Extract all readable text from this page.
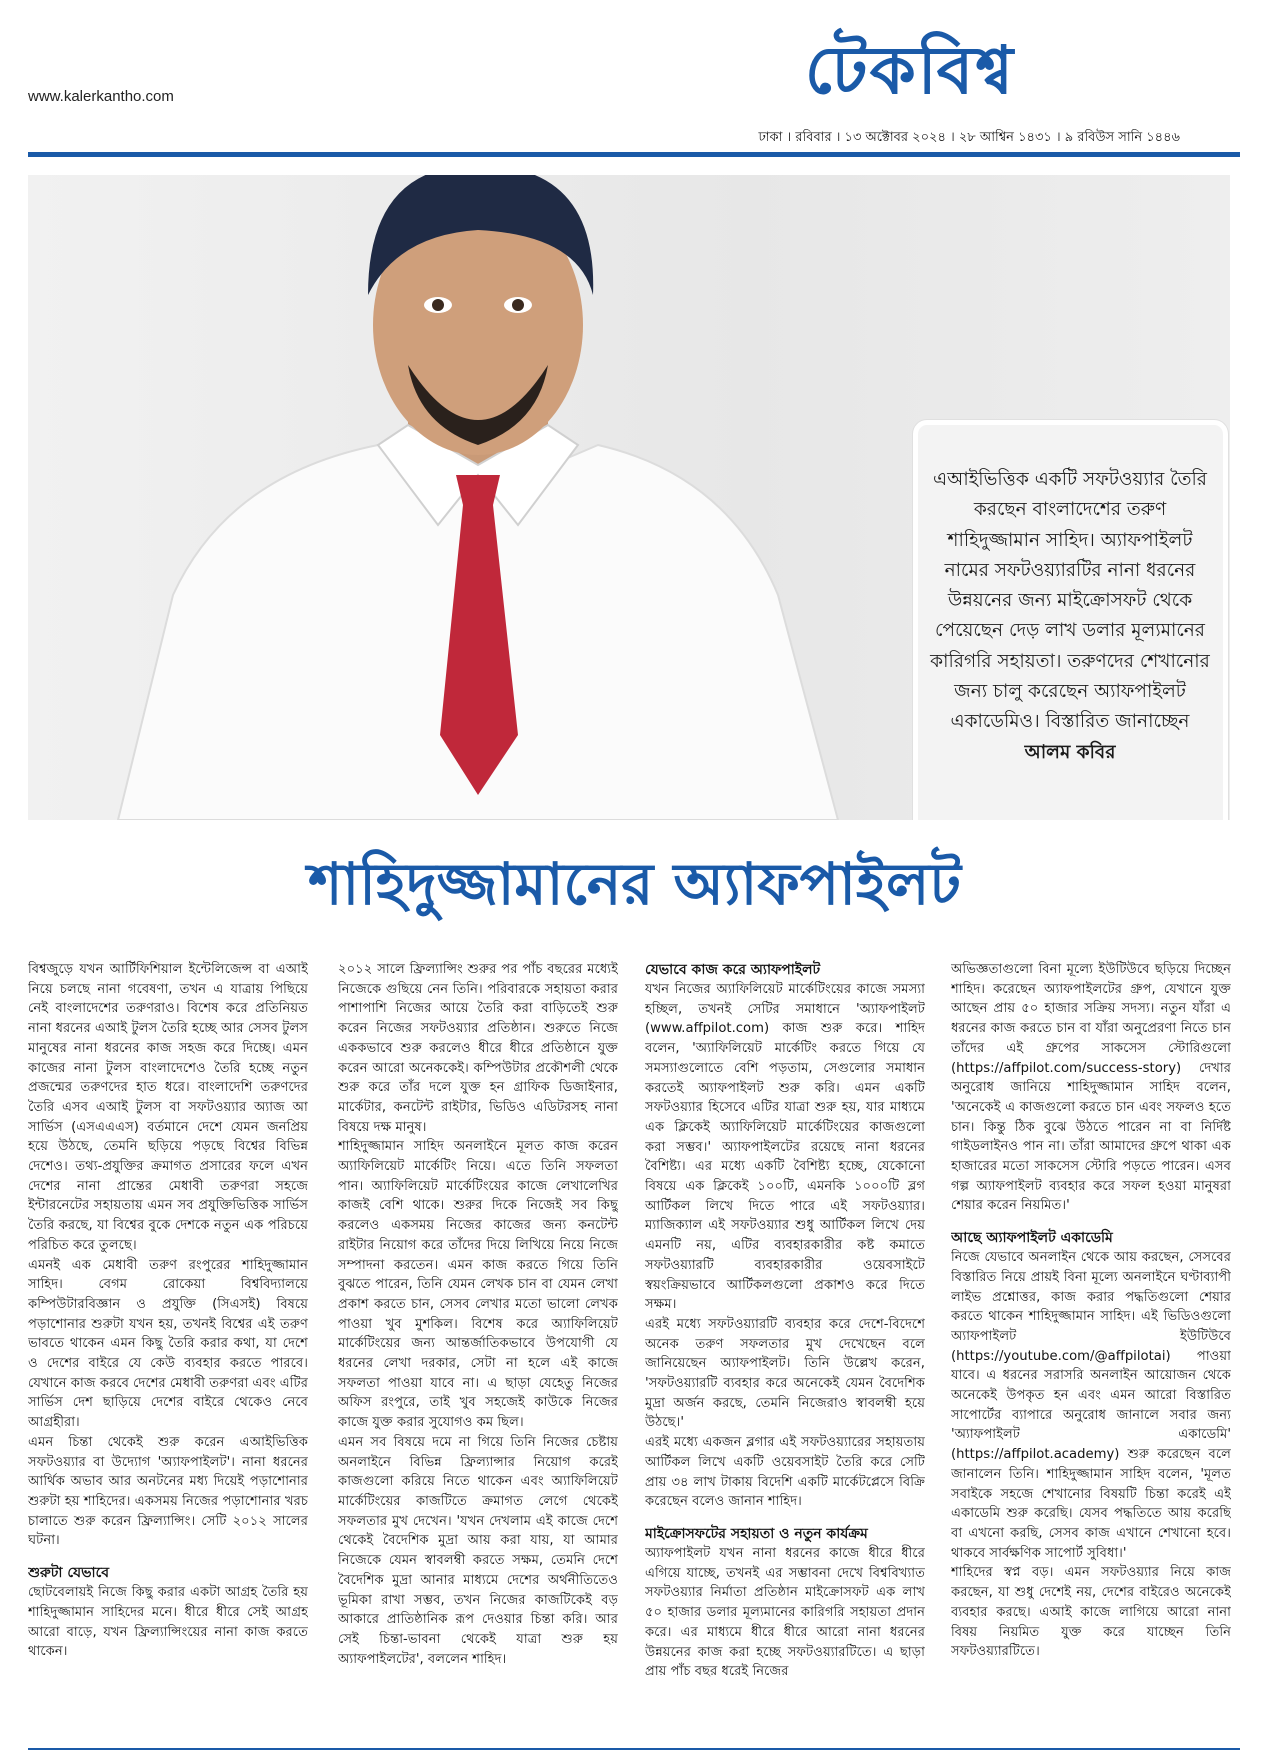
www.kalerkantho.com	টেকবিশ্ব
ঢাকা । রবিবার । ১৩ অক্টোবর ২০২৪ । ২৮ আশ্বিন ১৪৩১ । ৯ রবিউস সানি ১৪৪৬
এআইভিত্তিক একটি সফটওয়্যার তৈরি করছেন বাংলাদেশের তরুণ শাহিদুজ্জামান সাহিদ। অ্যাফপাইলট নামের সফটওয়্যারটির নানা ধরনের উন্নয়নের জন্য মাইক্রোসফট থেকে পেয়েছেন দেড় লাখ ডলার মূল্যমানের কারিগরি সহায়তা। তরুণদের শেখানোর জন্য চালু করেছেন অ্যাফপাইলট একাডেমিও। বিস্তারিত জানাচ্ছেন আলম কবির
শাহিদুজ্জামানের অ্যাফপাইলট

বিশ্বজুড়ে যখন আর্টিফিশিয়াল ইন্টেলিজেন্স বা এআই নিয়ে চলছে নানা গবেষণা, তখন এ যাত্রায় পিছিয়ে নেই বাংলাদেশের তরুণরাও। বিশেষ করে প্রতিনিয়ত নানা ধরনের এআই টুলস তৈরি হচ্ছে আর সেসব টুলস মানুষের নানা ধরনের কাজ সহজ করে দিচ্ছে। এমন কাজের নানা টুলস বাংলাদেশেও তৈরি হচ্ছে নতুন প্রজন্মের তরুণদের হাত ধরে। বাংলাদেশি তরুণদের তৈরি এসব এআই টুলস বা সফটওয়্যার অ্যাজ আ সার্ভিস (এসএএএস) বর্তমানে দেশে যেমন জনপ্রিয় হয়ে উঠছে, তেমনি ছড়িয়ে পড়ছে বিশ্বের বিভিন্ন দেশেও। তথ্য-প্রযুক্তির ক্রমাগত প্রসারের ফলে এখন দেশের নানা প্রান্তের মেধাবী তরুণরা সহজে ইন্টারনেটের সহায়তায় এমন সব প্রযুক্তিভিত্তিক সার্ভিস তৈরি করছে, যা বিশ্বের বুকে দেশকে নতুন এক পরিচয়ে পরিচিত করে তুলছে।

এমনই এক মেধাবী তরুণ রংপুরের শাহিদুজ্জামান সাহিদ। বেগম রোকেয়া বিশ্ববিদ্যালয়ে কম্পিউটারবিজ্ঞান ও প্রযুক্তি (সিএসই) বিষয়ে পড়াশোনার শুরুটা যখন হয়, তখনই বিশ্বের এই তরুণ ভাবতে থাকেন এমন কিছু তৈরি করার কথা, যা দেশে ও দেশের বাইরে যে কেউ ব্যবহার করতে পারবে। যেখানে কাজ করবে দেশের মেধাবী তরুণরা এবং এটির সার্ভিস দেশ ছাড়িয়ে দেশের বাইরে থেকেও নেবে আগ্রহীরা।

এমন চিন্তা থেকেই শুরু করেন এআইভিত্তিক সফটওয়্যার বা উদ্যোগ 'অ্যাফপাইলট'। নানা ধরনের আর্থিক অভাব আর অনটনের মধ্য দিয়েই পড়াশোনার শুরুটা হয় শাহিদের। একসময় নিজের পড়াশোনার খরচ চালাতে শুরু করেন ফ্রিল্যান্সিং। সেটি ২০১২ সালের ঘটনা।

শুরুটা যেভাবে

ছোটবেলায়ই নিজে কিছু করার একটা আগ্রহ তৈরি হয় শাহিদুজ্জামান সাহিদের মনে। ধীরে ধীরে সেই আগ্রহ আরো বাড়ে, যখন ফ্রিল্যান্সিংয়ের নানা কাজ করতে থাকেন।

২০১২ সালে ফ্রিল্যান্সিং শুরুর পর পাঁচ বছরের মধ্যেই নিজেকে গুছিয়ে নেন তিনি। পরিবারকে সহায়তা করার পাশাপাশি নিজের আয়ে তৈরি করা বাড়িতেই শুরু করেন নিজের সফটওয়্যার প্রতিষ্ঠান। শুরুতে নিজে এককভাবে শুরু করলেও ধীরে ধীরে প্রতিষ্ঠানে যুক্ত করেন আরো অনেককেই। কম্পিউটার প্রকৌশলী থেকে শুরু করে তাঁর দলে যুক্ত হন গ্রাফিক ডিজাইনার, মার্কেটার, কনটেন্ট রাইটার, ভিডিও এডিটরসহ নানা বিষয়ে দক্ষ মানুষ।

শাহিদুজ্জামান সাহিদ অনলাইনে মূলত কাজ করেন অ্যাফিলিয়েট মার্কেটিং নিয়ে। এতে তিনি সফলতা পান। অ্যাফিলিয়েট মার্কেটিংয়ের কাজে লেখালেখির কাজই বেশি থাকে। শুরুর দিকে নিজেই সব কিছু করলেও একসময় নিজের কাজের জন্য কনটেন্ট রাইটার নিয়োগ করে তাঁদের দিয়ে লিখিয়ে নিয়ে নিজে সম্পাদনা করতেন। এমন কাজ করতে গিয়ে তিনি বুঝতে পারেন, তিনি যেমন লেখক চান বা যেমন লেখা প্রকাশ করতে চান, সেসব লেখার মতো ভালো লেখক পাওয়া খুব মুশকিল। বিশেষ করে অ্যাফিলিয়েট মার্কেটিংয়ের জন্য আন্তর্জাতিকভাবে উপযোগী যে ধরনের লেখা দরকার, সেটা না হলে এই কাজে সফলতা পাওয়া যাবে না। এ ছাড়া যেহেতু নিজের অফিস রংপুরে, তাই খুব সহজেই কাউকে নিজের কাজে যুক্ত করার সুযোগও কম ছিল।

এমন সব বিষয়ে দমে না গিয়ে তিনি নিজের চেষ্টায় অনলাইনে বিভিন্ন ফ্রিল্যান্সার নিয়োগ করেই কাজগুলো করিয়ে নিতে থাকেন এবং অ্যাফিলিয়েট মার্কেটিংয়ের কাজটিতে ক্রমাগত লেগে থেকেই সফলতার মুখ দেখেন। 'যখন দেখলাম এই কাজে দেশে থেকেই বৈদেশিক মুদ্রা আয় করা যায়, যা আমার নিজেকে যেমন স্বাবলম্বী করতে সক্ষম, তেমনি দেশে বৈদেশিক মুদ্রা আনার মাধ্যমে দেশের অর্থনীতিতেও ভূমিকা রাখা সম্ভব, তখন নিজের কাজটিকেই বড় আকারে প্রাতিষ্ঠানিক রূপ দেওয়ার চিন্তা করি। আর সেই চিন্তা-ভাবনা থেকেই যাত্রা শুরু হয় অ্যাফপাইলটের', বললেন শাহিদ।

যেভাবে কাজ করে অ্যাফপাইলট

যখন নিজের অ্যাফিলিয়েট মার্কেটিংয়ের কাজে সমস্যা হচ্ছিল, তখনই সেটির সমাধানে 'অ্যাফপাইলট (www.affpilot.com) কাজ শুরু করে। শাহিদ বলেন, 'অ্যাফিলিয়েট মার্কেটিং করতে গিয়ে যে সমস্যাগুলোতে বেশি পড়তাম, সেগুলোর সমাধান করতেই অ্যাফপাইলট শুরু করি। এমন একটি সফটওয়্যার হিসেবে এটির যাত্রা শুরু হয়, যার মাধ্যমে এক ক্লিকেই অ্যাফিলিয়েট মার্কেটিংয়ের কাজগুলো করা সম্ভব।' অ্যাফপাইলটের রয়েছে নানা ধরনের বৈশিষ্ট্য। এর মধ্যে একটি বৈশিষ্ট্য হচ্ছে, যেকোনো বিষয়ে এক ক্লিকেই ১০০টি, এমনকি ১০০০টি ব্লগ আর্টিকল লিখে দিতে পারে এই সফটওয়্যার। ম্যাজিক্যাল এই সফটওয়্যার শুধু আর্টিকল লিখে দেয় এমনটি নয়, এটির ব্যবহারকারীর কষ্ট কমাতে সফটওয়্যারটি ব্যবহারকারীর ওয়েবসাইটে স্বয়ংক্রিয়ভাবে আর্টিকলগুলো প্রকাশও করে দিতে সক্ষম।

এরই মধ্যে সফটওয়্যারটি ব্যবহার করে দেশে-বিদেশে অনেক তরুণ সফলতার মুখ দেখেছেন বলে জানিয়েছেন অ্যাফপাইলট। তিনি উল্লেখ করেন, 'সফটওয়্যারটি ব্যবহার করে অনেকেই যেমন বৈদেশিক মুদ্রা অর্জন করছে, তেমনি নিজেরাও স্বাবলম্বী হয়ে উঠছে।'

এরই মধ্যে একজন ব্লগার এই সফটওয়্যারের সহায়তায় আর্টিকল লিখে একটি ওয়েবসাইট তৈরি করে সেটি প্রায় ৩৪ লাখ টাকায় বিদেশি একটি মার্কেটপ্লেসে বিক্রি করেছেন বলেও জানান শাহিদ।

মাইক্রোসফটের সহায়তা ও নতুন কার্যক্রম

অ্যাফপাইলট যখন নানা ধরনের কাজে ধীরে ধীরে এগিয়ে যাচ্ছে, তখনই এর সম্ভাবনা দেখে বিশ্ববিখ্যাত সফটওয়্যার নির্মাতা প্রতিষ্ঠান মাইক্রোসফট এক লাখ ৫০ হাজার ডলার মূল্যমানের কারিগরি সহায়তা প্রদান করে। এর মাধ্যমে ধীরে ধীরে আরো নানা ধরনের উন্নয়নের কাজ করা হচ্ছে সফটওয়্যারটিতে। এ ছাড়া প্রায় পাঁচ বছর ধরেই নিজের

অভিজ্ঞতাগুলো বিনা মূল্যে ইউটিউবে ছড়িয়ে দিচ্ছেন শাহিদ। করেছেন অ্যাফপাইলটের গ্রুপ, যেখানে যুক্ত আছেন প্রায় ৫০ হাজার সক্রিয় সদস্য। নতুন যাঁরা এ ধরনের কাজ করতে চান বা যাঁরা অনুপ্রেরণা নিতে চান তাঁদের এই গ্রুপের সাকসেস স্টোরিগুলো (https://affpilot.com/success-story) দেখার অনুরোধ জানিয়ে শাহিদুজ্জামান সাহিদ বলেন, 'অনেকেই এ কাজগুলো করতে চান এবং সফলও হতে চান। কিন্তু ঠিক বুঝে উঠতে পারেন না বা নির্দিষ্ট গাইডলাইনও পান না। তাঁরা আমাদের গ্রুপে থাকা এক হাজারের মতো সাকসেস স্টোরি পড়তে পারেন। এসব গল্প অ্যাফপাইলট ব্যবহার করে সফল হওয়া মানুষরা শেয়ার করেন নিয়মিত।'

আছে অ্যাফপাইলট একাডেমি

নিজে যেভাবে অনলাইন থেকে আয় করছেন, সেসবের বিস্তারিত নিয়ে প্রায়ই বিনা মূল্যে অনলাইনে ঘণ্টাব্যাপী লাইভ প্রশ্নোত্তর, কাজ করার পদ্ধতিগুলো শেয়ার করতে থাকেন শাহিদুজ্জামান সাহিদ। এই ভিডিওগুলো অ্যাফপাইলট ইউটিউবে (https://youtube.com/@affpilotai) পাওয়া যাবে। এ ধরনের সরাসরি অনলাইন আয়োজন থেকে অনেকেই উপকৃত হন এবং এমন আরো বিস্তারিত সাপোর্টের ব্যাপারে অনুরোধ জানালে সবার জন্য 'অ্যাফপাইলট একাডেমি' (https://affpilot.academy) শুরু করেছেন বলে জানালেন তিনি। শাহিদুজ্জামান সাহিদ বলেন, 'মূলত সবাইকে সহজে শেখানোর বিষয়টি চিন্তা করেই এই একাডেমি শুরু করেছি। যেসব পদ্ধতিতে আয় করেছি বা এখনো করছি, সেসব কাজ এখানে শেখানো হবে। থাকবে সার্বক্ষণিক সাপোর্ট সুবিধা।'

শাহিদের স্বপ্ন বড়। এমন সফটওয়্যার নিয়ে কাজ করছেন, যা শুধু দেশেই নয়, দেশের বাইরেও অনেকেই ব্যবহার করছে। এআই কাজে লাগিয়ে আরো নানা বিষয় নিয়মিত যুক্ত করে যাচ্ছেন তিনি সফটওয়্যারটিতে।
